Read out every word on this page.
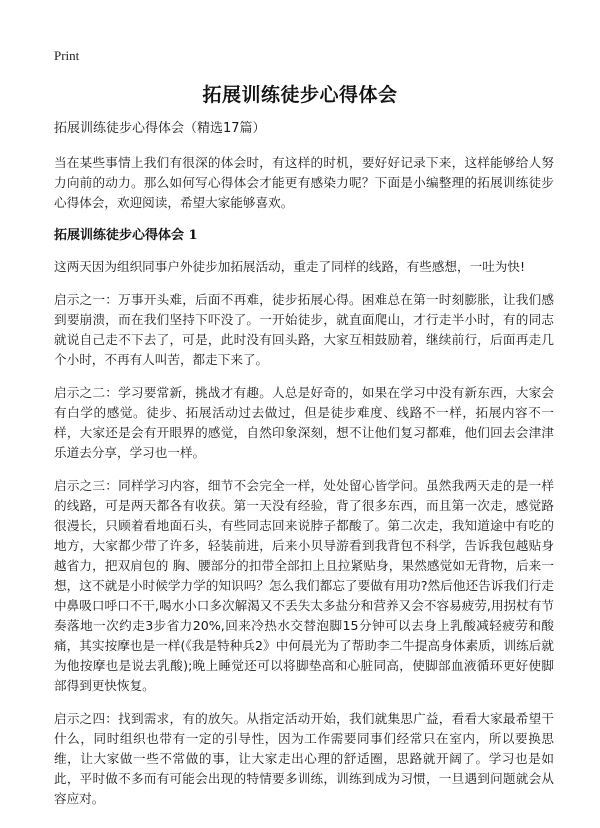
Print
拓展训练徒步心得体会

拓展训练徒步心得体会（精选17篇）

当在某些事情上我们有很深的体会时，有这样的时机，要好好记录下来，这样能够给人努力向前的动力。那么如何写心得体会才能更有感染力呢？下面是小编整理的拓展训练徒步心得体会，欢迎阅读，希望大家能够喜欢。

拓展训练徒步心得体会 1

这两天因为组织同事户外徒步加拓展活动，重走了同样的线路，有些感想，一吐为快!

启示之一：万事开头难，后面不再难，徒步拓展心得。困难总在第一时刻膨胀，让我们感到要崩溃，而在我们坚持下吓没了。一开始徒步，就直面爬山，才行走半小时，有的同志就说自己走不下去了，可是，此时没有回头路，大家互相鼓励着，继续前行，后面再走几个小时，不再有人叫苦，都走下来了。

启示之二：学习要常新，挑战才有趣。人总是好奇的，如果在学习中没有新东西，大家会有白学的感觉。徒步、拓展活动过去做过，但是徒步难度、线路不一样，拓展内容不一样，大家还是会有开眼界的感觉，自然印象深刻，想不让他们复习都难，他们回去会津津乐道去分享，学习也一样。

启示之三：同样学习内容，细节不会完全一样，处处留心皆学问。虽然我两天走的是一样的线路，可是两天都各有收获。第一天没有经验，背了很多东西，而且第一次走，感觉路很漫长，只顾着看地面石头，有些同志回来说脖子都酸了。第二次走，我知道途中有吃的地方，大家都少带了许多，轻装前进，后来小贝导游看到我背包不科学，告诉我包越贴身越省力，把双肩包的 胸、腰部分的扣带全部扣上且拉紧贴身，果然感觉如无背物，后来一想，这不就是小时候学力学的知识吗？怎么我们都忘了要做有用功?然后他还告诉我们行走中鼻吸口呼口不干,喝水小口多次解渴又不丢失太多盐分和营养又会不容易疲劳,用拐杖有节奏落地一次约走3步省力20%,回来冷热水交替泡脚15分钟可以去身上乳酸减轻疲劳和酸痛，其实按摩也是一样(《我是特种兵2》中何晨光为了帮助李二牛提高身体素质，训练后就为他按摩也是说去乳酸);晚上睡觉还可以将脚垫高和心脏同高，使脚部血液循环更好使脚部得到更快恢复。

启示之四：找到需求，有的放矢。从指定活动开始，我们就集思广益，看看大家最希望干什么，同时组织也带有一定的引导性，因为工作需要同事们经常只在室内，所以要换思维，让大家做一些不常做的事，让大家走出心理的舒适圈，思路就开阔了。学习也是如此，平时做不多而有可能会出现的特情要多训练，训练到成为习惯，一旦遇到问题就会从容应对。
